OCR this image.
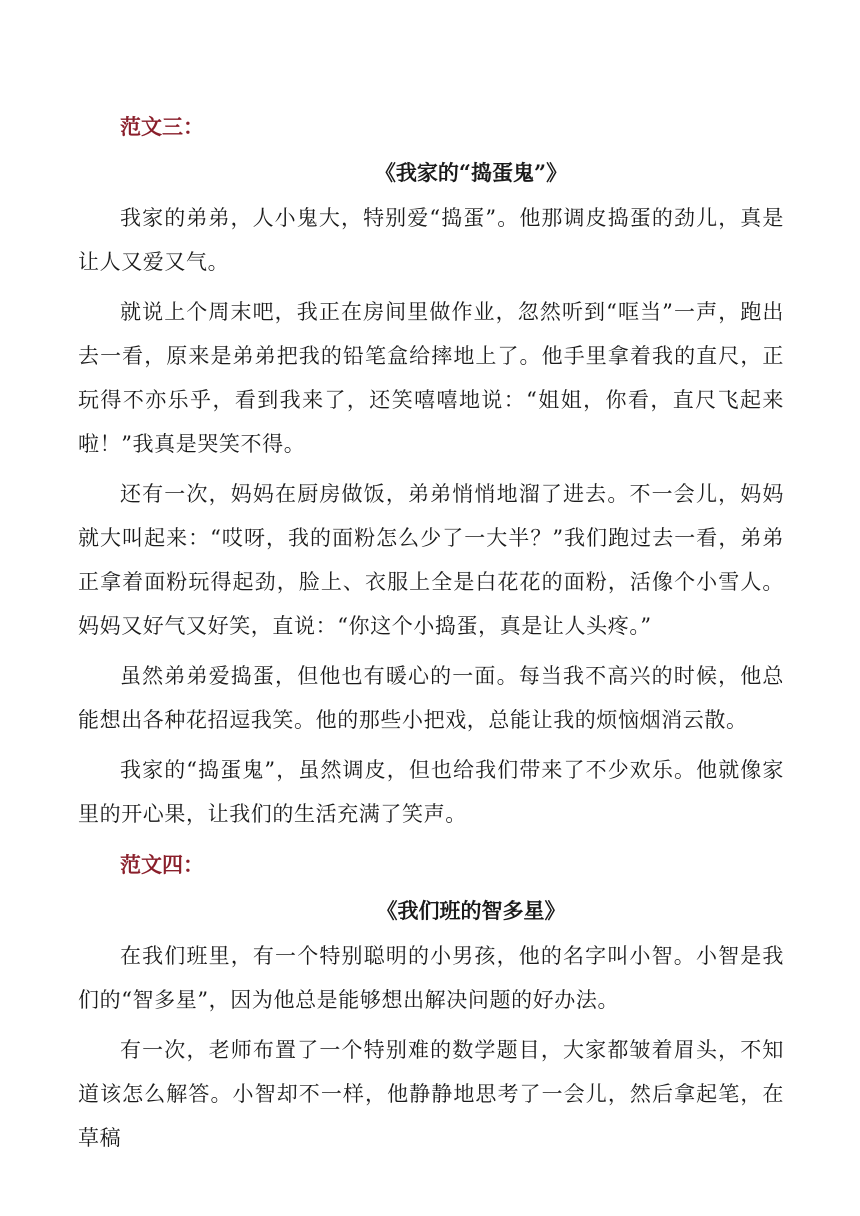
范文三：

《我家的“捣蛋鬼”》

我家的弟弟，人小鬼大，特别爱“捣蛋”。他那调皮捣蛋的劲儿，真是让人又爱又气。

就说上个周末吧，我正在房间里做作业，忽然听到“哐当”一声，跑出去一看，原来是弟弟把我的铅笔盒给摔地上了。他手里拿着我的直尺，正玩得不亦乐乎，看到我来了，还笑嘻嘻地说：“姐姐，你看，直尺飞起来啦！”我真是哭笑不得。

还有一次，妈妈在厨房做饭，弟弟悄悄地溜了进去。不一会儿，妈妈就大叫起来：“哎呀，我的面粉怎么少了一大半？”我们跑过去一看，弟弟正拿着面粉玩得起劲，脸上、衣服上全是白花花的面粉，活像个小雪人。妈妈又好气又好笑，直说：“你这个小捣蛋，真是让人头疼。”

虽然弟弟爱捣蛋，但他也有暖心的一面。每当我不高兴的时候，他总能想出各种花招逗我笑。他的那些小把戏，总能让我的烦恼烟消云散。

我家的“捣蛋鬼”，虽然调皮，但也给我们带来了不少欢乐。他就像家里的开心果，让我们的生活充满了笑声。

范文四：

《我们班的智多星》

在我们班里，有一个特别聪明的小男孩，他的名字叫小智。小智是我们的“智多星”，因为他总是能够想出解决问题的好办法。

有一次，老师布置了一个特别难的数学题目，大家都皱着眉头，不知道该怎么解答。小智却不一样，他静静地思考了一会儿，然后拿起笔，在草稿
